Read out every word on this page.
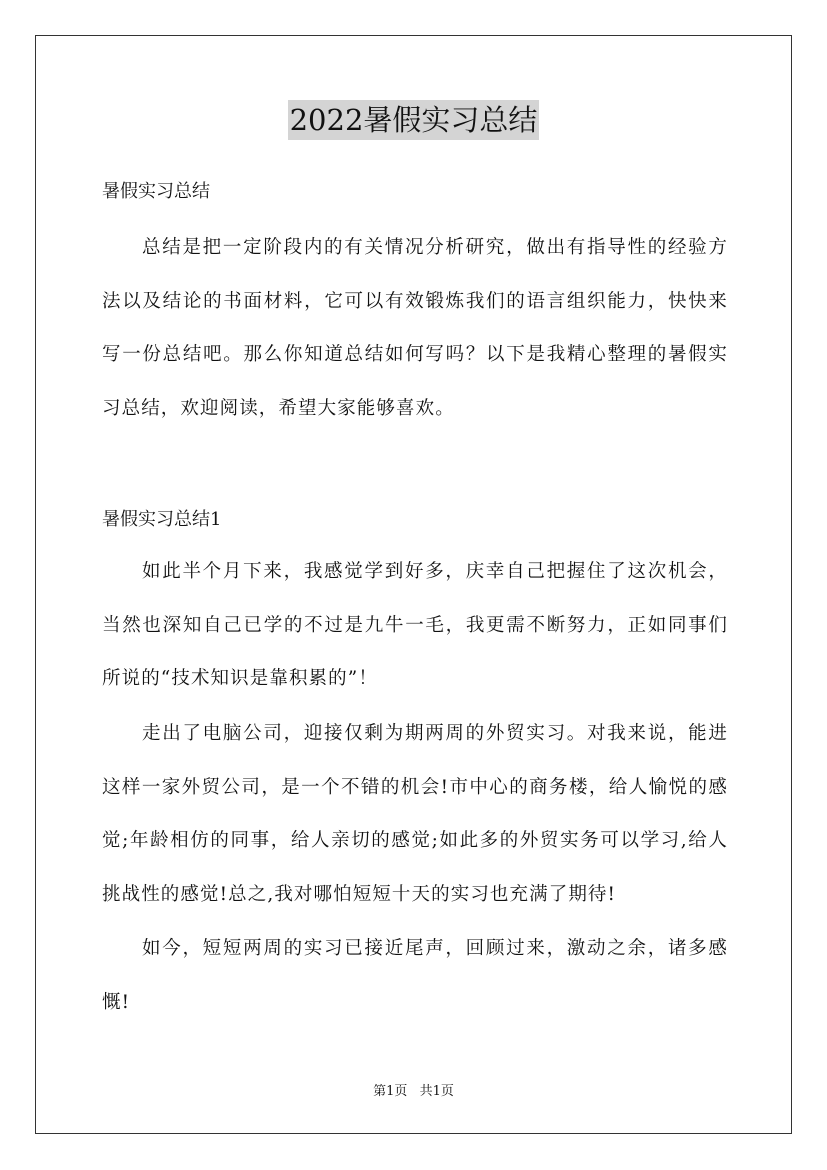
2022暑假实习总结
暑假实习总结

总结是把一定阶段内的有关情况分析研究，做出有指导性的经验方法以及结论的书面材料，它可以有效锻炼我们的语言组织能力，快快来写一份总结吧。那么你知道总结如何写吗？以下是我精心整理的暑假实习总结，欢迎阅读，希望大家能够喜欢。

暑假实习总结1

如此半个月下来，我感觉学到好多，庆幸自己把握住了这次机会，当然也深知自己已学的不过是九牛一毛，我更需不断努力，正如同事们所说的“技术知识是靠积累的”！

走出了电脑公司，迎接仅剩为期两周的外贸实习。对我来说，能进这样一家外贸公司，是一个不错的机会!市中心的商务楼，给人愉悦的感觉;年龄相仿的同事，给人亲切的感觉;如此多的外贸实务可以学习,给人挑战性的感觉!总之,我对哪怕短短十天的实习也充满了期待!

如今，短短两周的实习已接近尾声，回顾过来，激动之余，诸多感慨!

第1页 共1页
